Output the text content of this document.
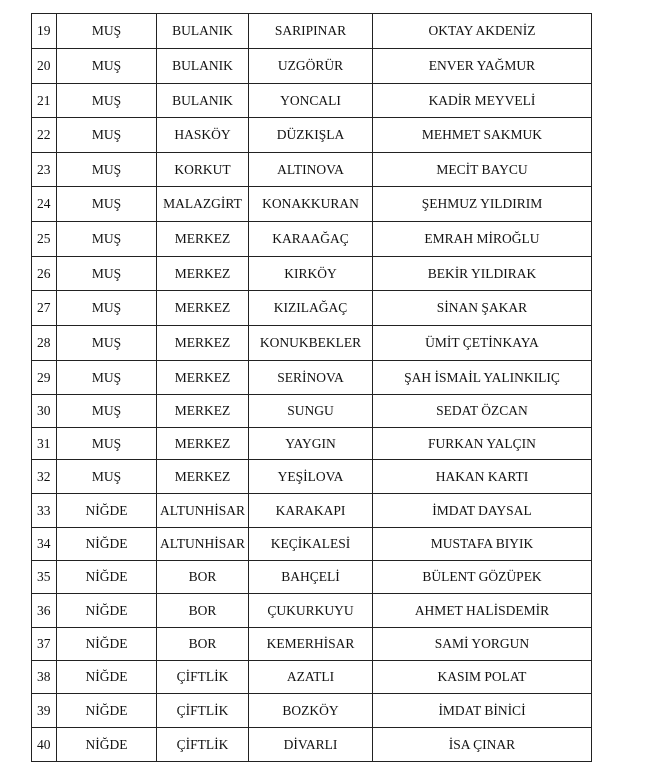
19	MUŞ	BULANIK	SARIPINAR	OKTAY AKDENİZ
20	MUŞ	BULANIK	UZGÖRÜR	ENVER YAĞMUR
21	MUŞ	BULANIK	YONCALI	KADİR MEYVELİ
22	MUŞ	HASKÖY	DÜZKIŞLA	MEHMET SAKMUK
23	MUŞ	KORKUT	ALTINOVA	MECİT BAYCU
24	MUŞ	MALAZGİRT	KONAKKURAN	ŞEHMUZ YILDIRIM
25	MUŞ	MERKEZ	KARAAĞAÇ	EMRAH MİROĞLU
26	MUŞ	MERKEZ	KIRKÖY	BEKİR YILDIRAK
27	MUŞ	MERKEZ	KIZILAĞAÇ	SİNAN ŞAKAR
28	MUŞ	MERKEZ	KONUKBEKLER	ÜMİT ÇETİNKAYA
29	MUŞ	MERKEZ	SERİNOVA	ŞAH İSMAİL YALINKILIÇ
30	MUŞ	MERKEZ	SUNGU	SEDAT ÖZCAN
31	MUŞ	MERKEZ	YAYGIN	FURKAN YALÇIN
32	MUŞ	MERKEZ	YEŞİLOVA	HAKAN KARTI
33	NİĞDE	ALTUNHİSAR	KARAKAPI	İMDAT DAYSAL
34	NİĞDE	ALTUNHİSAR	KEÇİKALESİ	MUSTAFA BIYIK
35	NİĞDE	BOR	BAHÇELİ	BÜLENT GÖZÜPEK
36	NİĞDE	BOR	ÇUKURKUYU	AHMET HALİSDEMİR
37	NİĞDE	BOR	KEMERHİSAR	SAMİ YORGUN
38	NİĞDE	ÇİFTLİK	AZATLI	KASIM POLAT
39	NİĞDE	ÇİFTLİK	BOZKÖY	İMDAT BİNİCİ
40	NİĞDE	ÇİFTLİK	DİVARLI	İSA ÇINAR
